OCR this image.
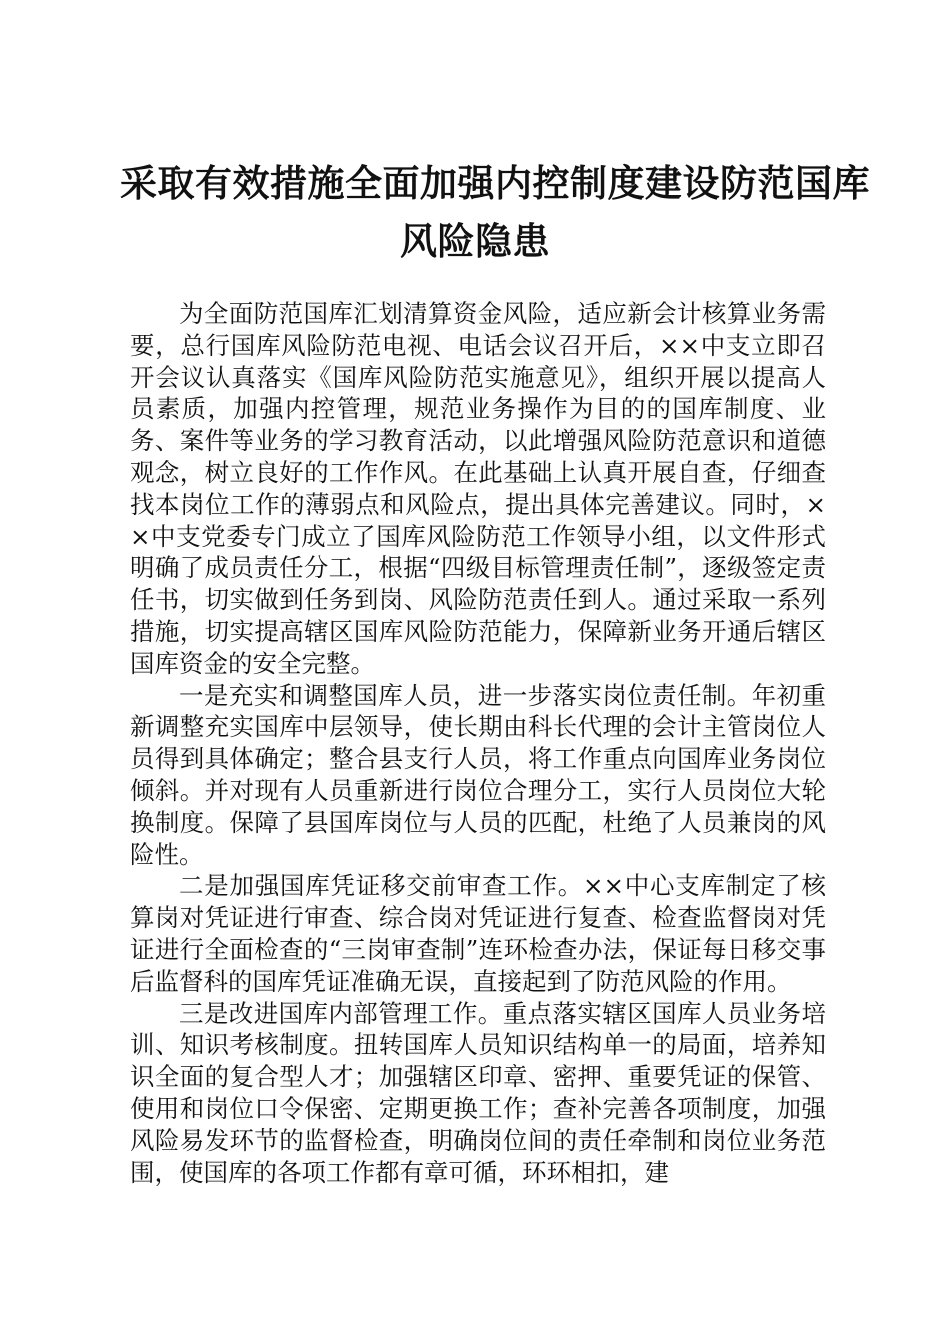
采取有效措施全面加强内控制度建设防范国库
风险隐患

为全面防范国库汇划清算资金风险，适应新会计核算业务需要，总行国库风险防范电视、电话会议召开后，××中支立即召开会议认真落实《国库风险防范实施意见》，组织开展以提高人员素质，加强内控管理，规范业务操作为目的的国库制度、业务、案件等业务的学习教育活动，以此增强风险防范意识和道德观念，树立良好的工作作风。在此基础上认真开展自查，仔细查找本岗位工作的薄弱点和风险点，提出具体完善建议。同时，××中支党委专门成立了国库风险防范工作领导小组，以文件形式明确了成员责任分工，根据“四级目标管理责任制”，逐级签定责任书，切实做到任务到岗、风险防范责任到人。通过采取一系列措施，切实提高辖区国库风险防范能力，保障新业务开通后辖区国库资金的安全完整。

一是充实和调整国库人员，进一步落实岗位责任制。年初重新调整充实国库中层领导，使长期由科长代理的会计主管岗位人员得到具体确定；整合县支行人员，将工作重点向国库业务岗位倾斜。并对现有人员重新进行岗位合理分工，实行人员岗位大轮换制度。保障了县国库岗位与人员的匹配，杜绝了人员兼岗的风险性。

二是加强国库凭证移交前审查工作。××中心支库制定了核算岗对凭证进行审查、综合岗对凭证进行复查、检查监督岗对凭证进行全面检查的“三岗审查制”连环检查办法，保证每日移交事后监督科的国库凭证准确无误，直接起到了防范风险的作用。

三是改进国库内部管理工作。重点落实辖区国库人员业务培训、知识考核制度。扭转国库人员知识结构单一的局面，培养知识全面的复合型人才；加强辖区印章、密押、重要凭证的保管、使用和岗位口令保密、定期更换工作；查补完善各项制度，加强风险易发环节的监督检查，明确岗位间的责任牵制和岗位业务范围，使国库的各项工作都有章可循，环环相扣，建
